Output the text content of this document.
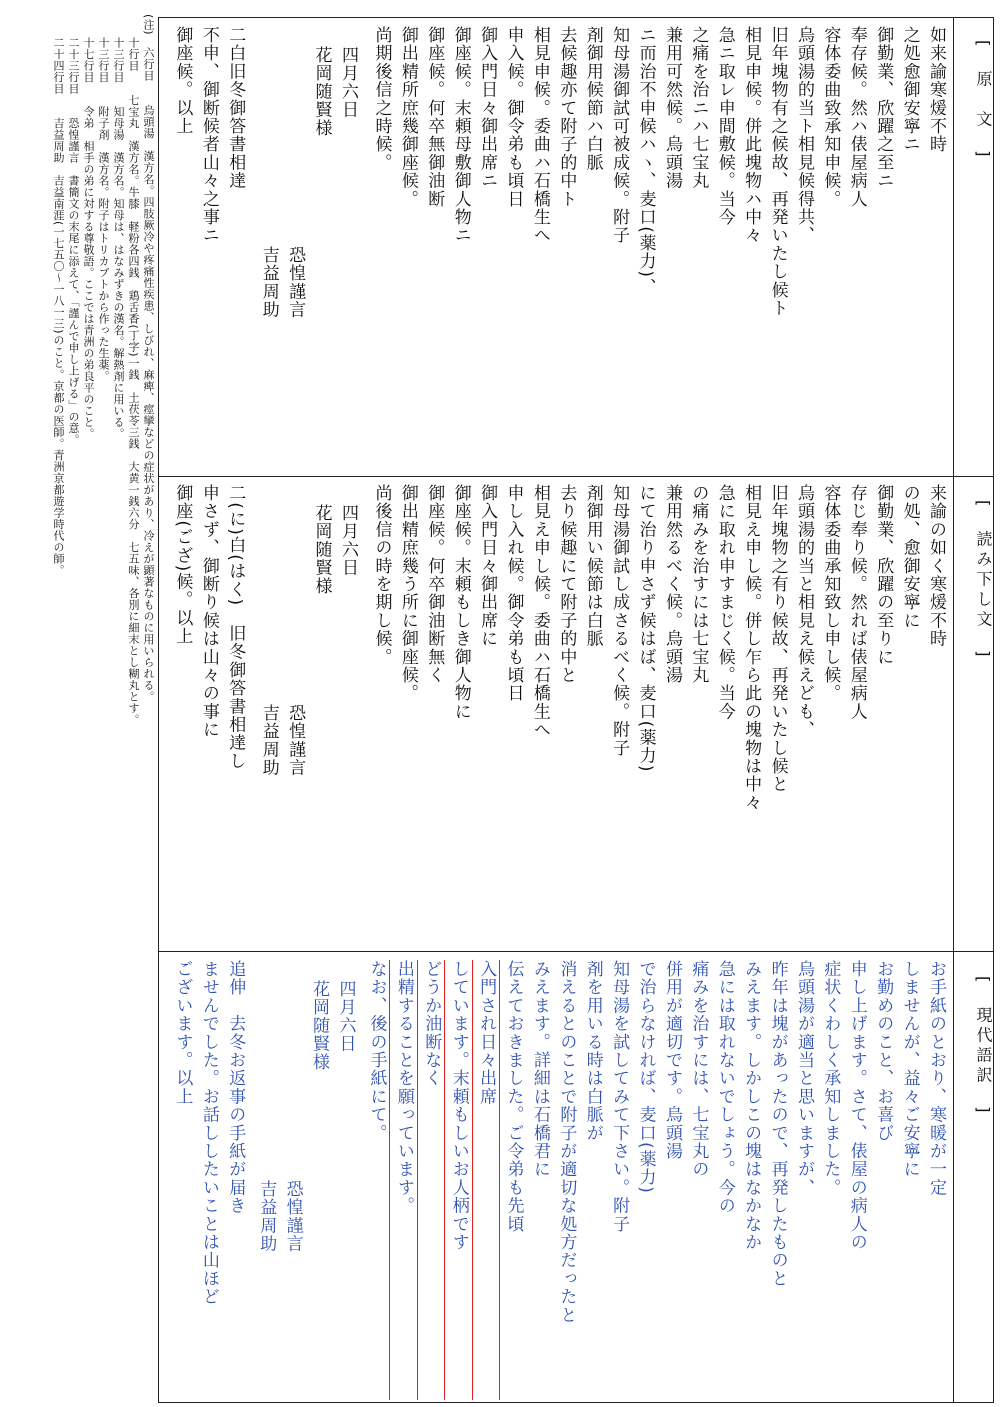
(注)　六行目　　烏頭湯　漢方名。四肢厥冷や疼痛性疾患、しびれ、麻痺、痙攣などの症状があり、冷えが顕著なものに用いられる。
　　十行目　　七宝丸　漢方名。牛膝　軽粉各四銭　鶏舌香(丁字)一銭　土茯苓三銭　大黄一銭六分　七五味、各別に細末とし糊丸とす。
　　十三行目　　知母湯　漢方名。知母は、はなみずきの漢名。解熱剤に用いる。
　　十三行目　　附子剤　漢方名。附子はトリカブトから作った生薬。
　　十七行目　　令弟　相手の弟に対する尊敬語。ここでは青洲の弟良平のこと。
　　二十三行目　　恐惶謹言　書簡文の末尾に添えて、「謹んで申し上げる」の意。
　　二十四行目　　吉益周助　吉益南涯(一七五〇～一八一三)のこと。京都の医師。青洲京都遊学時代の師。	[　原　文　]
[　読み下し文　]
[　現代語訳　]
如来諭寒煖不時
之処愈御安寧ニ
御勤業、欣躍之至ニ
奉存候。然ハ俵屋病人
容体委曲致承知申候。
烏頭湯的当ト相見候得共、
旧年塊物有之候故、再発いたし候ト
相見申候。併此塊物ハ中々
急ニ取レ申間敷候。当今
之痛を治ニハ七宝丸
兼用可然候。烏頭湯
ニ而治不申候ハヽ、麦口(薬力)、
知母湯御試可被成候。附子
剤御用候節ハ白脈
去候趣亦て附子的中ト
相見申候。委曲ハ石橋生へ
申入候。御令弟も頃日
御入門日々御出席ニ
御座候。末頼母敷御人物ニ
御座候。何卒無御油断
御出精所庶幾御座候。
尚期後信之時候。
四月六日
花岡随賢様
恐惶謹言
吉益周助
二白旧冬御答書相達
不申、御断候者山々之事ニ
御座候。以上
来諭の如く寒煖不時
の処、愈御安寧に
御勤業、欣躍の至りに
存じ奉り候。然れば俵屋病人
容体委曲承知致し申し候。
烏頭湯的当と相見え候えども、
旧年塊物之有り候故、再発いたし候と
相見え申し候。併し乍ら此の塊物は中々
急に取れ申すまじく候。当今
の痛みを治すには七宝丸
兼用然るべく候。烏頭湯
にて治り申さず候はば、麦口(薬力)
知母湯御試し成さるべく候。附子
剤御用い候節は白脈
去り候趣にて附子的中と
相見え申し候。委曲ハ石橋生へ
申し入れ候。御令弟も頃日
御入門日々御出席に
御座候。末頼もしき御人物に
御座候。何卒御油断無く
御出精庶幾う所に御座候。
尚後信の時を期し候。
四月六日
花岡随賢様
恐惶謹言
吉益周助
二(に)白(はく)　旧冬御答書相達し
申さず、御断り候は山々の事に
御座(ござ)候。以上
お手紙のとおり、寒暖が一定
しませんが、益々ご安寧に
お勤めのこと、お喜び
申し上げます。さて、俵屋の病人の
症状くわしく承知しました。
烏頭湯が適当と思いますが、
昨年は塊があったので、再発したものと
みえます。しかしこの塊はなかなか
急には取れないでしょう。今の
痛みを治すには、七宝丸の
併用が適切です。烏頭湯
で治らなければ、麦口(薬力)
知母湯を試してみて下さい。附子
剤を用いる時は白脈が
消えるとのことで附子が適切な処方だったと
みえます。詳細は石橋君に
伝えておきました。ご令弟も先頃
入門され日々出席
しています。末頼もしいお人柄です
どうか油断なく
出精することを願っています。
なお、後の手紙にて。
四月六日
花岡随賢様
恐惶謹言
吉益周助
追伸　去冬お返事の手紙が届き
ませんでした。お話ししたいことは山ほど
ございます。以上
